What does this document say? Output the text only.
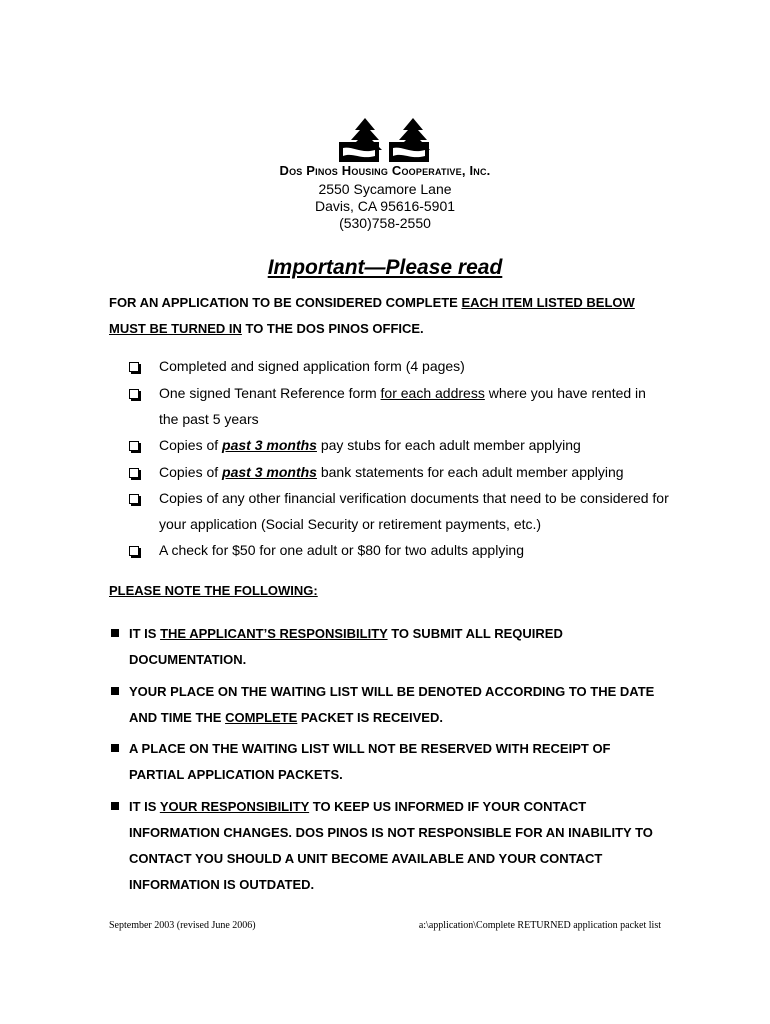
Dos Pinos Housing Cooperative, Inc.
2550 Sycamore Lane
Davis, CA 95616-5901
(530)758-2550
Important—Please read
FOR AN APPLICATION TO BE CONSIDERED COMPLETE EACH ITEM LISTED BELOW MUST BE TURNED IN TO THE DOS PINOS OFFICE.
Completed and signed application form (4 pages)
One signed Tenant Reference form for each address where you have rented in the past 5 years
Copies of past 3 months pay stubs for each adult member applying
Copies of past 3 months bank statements for each adult member applying
Copies of any other financial verification documents that need to be considered for your application (Social Security or retirement payments, etc.)
A check for $50 for one adult or $80 for two adults applying
PLEASE NOTE THE FOLLOWING:
IT IS THE APPLICANT’S RESPONSIBILITY TO SUBMIT ALL REQUIRED DOCUMENTATION.
YOUR PLACE ON THE WAITING LIST WILL BE DENOTED ACCORDING TO THE DATE AND TIME THE COMPLETE PACKET IS RECEIVED.
A PLACE ON THE WAITING LIST WILL NOT BE RESERVED WITH RECEIPT OF PARTIAL APPLICATION PACKETS.
IT IS YOUR RESPONSIBILITY TO KEEP US INFORMED IF YOUR CONTACT INFORMATION CHANGES. DOS PINOS IS NOT RESPONSIBLE FOR AN INABILITY TO CONTACT YOU SHOULD A UNIT BECOME AVAILABLE AND YOUR CONTACT INFORMATION IS OUTDATED.
September 2003 (revised June 2006)	a:\application\Complete RETURNED application packet list
